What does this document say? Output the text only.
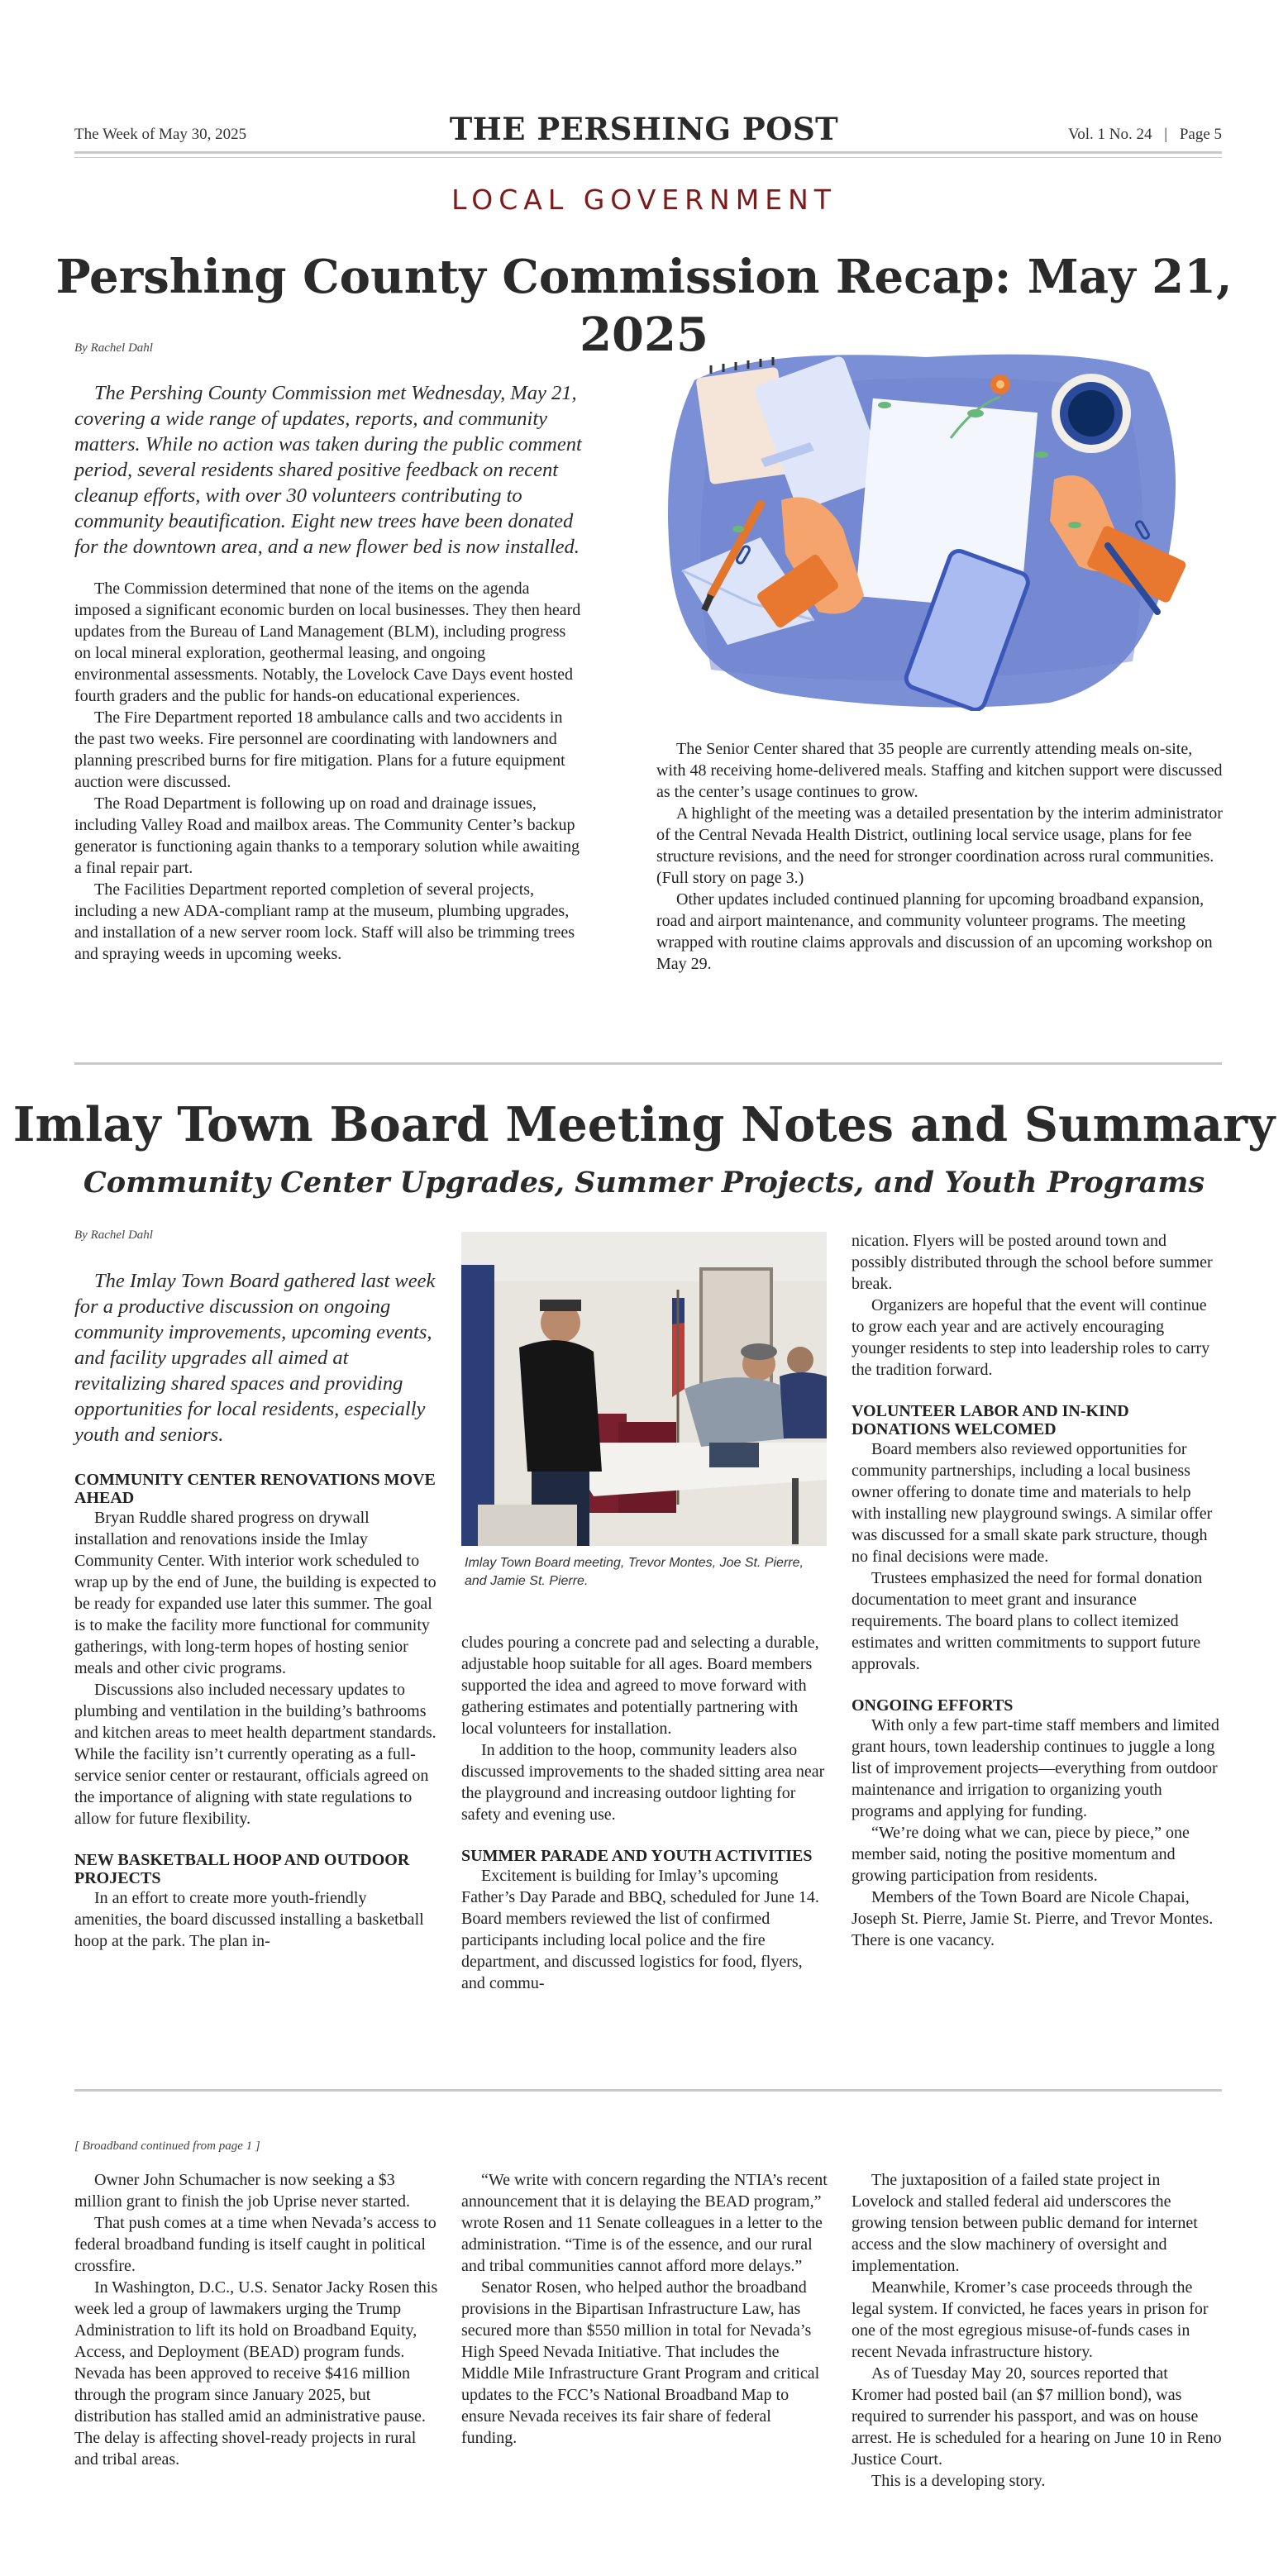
The Week of May 30, 2025	THE PERSHING POST	Vol. 1 No. 24 | Page 5
LOCAL GOVERNMENT
Pershing County Commission Recap: May 21, 2025
By Rachel Dahl

The Pershing County Commission met Wednesday, May 21, covering a wide range of updates, reports, and community matters. While no action was taken during the public comment period, several residents shared positive feedback on recent cleanup efforts, with over 30 volunteers contributing to community beautification. Eight new trees have been donated for the downtown area, and a new flower bed is now installed.

The Commission determined that none of the items on the agenda imposed a significant economic burden on local businesses. They then heard updates from the Bureau of Land Management (BLM), including progress on local mineral exploration, geothermal leasing, and ongoing environmental assessments. Notably, the Lovelock Cave Days event hosted fourth graders and the public for hands-on educational experiences.

The Fire Department reported 18 ambulance calls and two accidents in the past two weeks. Fire personnel are coordinating with landowners and planning prescribed burns for fire mitigation. Plans for a future equipment auction were discussed.

The Road Department is following up on road and drainage issues, including Valley Road and mailbox areas. The Community Center’s backup generator is functioning again thanks to a temporary solution while awaiting a final repair part.

The Facilities Department reported completion of several projects, including a new ADA-compliant ramp at the museum, plumbing upgrades, and installation of a new server room lock. Staff will also be trimming trees and spraying weeds in upcoming weeks.

The Senior Center shared that 35 people are currently attending meals on-site, with 48 receiving home-delivered meals. Staffing and kitchen support were discussed as the center’s usage continues to grow.

A highlight of the meeting was a detailed presentation by the interim administrator of the Central Nevada Health District, outlining local service usage, plans for fee structure revisions, and the need for stronger coordination across rural communities. (Full story on page 3.)

Other updates included continued planning for upcoming broadband expansion, road and airport maintenance, and community volunteer programs. The meeting wrapped with routine claims approvals and discussion of an upcoming workshop on May 29.

Imlay Town Board Meeting Notes and Summary
Community Center Upgrades, Summer Projects, and Youth Programs
By Rachel Dahl

The Imlay Town Board gathered last week for a productive discussion on ongoing community improvements, upcoming events, and facility upgrades all aimed at revitalizing shared spaces and providing opportunities for local residents, especially youth and seniors.

COMMUNITY CENTER RENOVATIONS MOVE AHEAD

Bryan Ruddle shared progress on drywall installation and renovations inside the Imlay Community Center. With interior work scheduled to wrap up by the end of June, the building is expected to be ready for expanded use later this summer. The goal is to make the facility more functional for community gatherings, with long-term hopes of hosting senior meals and other civic programs.

Discussions also included necessary updates to plumbing and ventilation in the building’s bathrooms and kitchen areas to meet health department standards. While the facility isn’t currently operating as a full-service senior center or restaurant, officials agreed on the importance of aligning with state regulations to allow for future flexibility.

NEW BASKETBALL HOOP AND OUTDOOR PROJECTS

In an effort to create more youth-friendly amenities, the board discussed installing a basketball hoop at the park. The plan in-

Imlay Town Board meeting, Trevor Montes, Joe St. Pierre, and Jamie St. Pierre.

cludes pouring a concrete pad and selecting a durable, adjustable hoop suitable for all ages. Board members supported the idea and agreed to move forward with gathering estimates and potentially partnering with local volunteers for installation.

In addition to the hoop, community leaders also discussed improvements to the shaded sitting area near the playground and increasing outdoor lighting for safety and evening use.

SUMMER PARADE AND YOUTH ACTIVITIES

Excitement is building for Imlay’s upcoming Father’s Day Parade and BBQ, scheduled for June 14. Board members reviewed the list of confirmed participants including local police and the fire department, and discussed logistics for food, flyers, and commu-

nication. Flyers will be posted around town and possibly distributed through the school before summer break.

Organizers are hopeful that the event will continue to grow each year and are actively encouraging younger residents to step into leadership roles to carry the tradition forward.

VOLUNTEER LABOR AND IN-KIND DONATIONS WELCOMED

Board members also reviewed opportunities for community partnerships, including a local business owner offering to donate time and materials to help with installing new playground swings. A similar offer was discussed for a small skate park structure, though no final decisions were made.

Trustees emphasized the need for formal donation documentation to meet grant and insurance requirements. The board plans to collect itemized estimates and written commitments to support future approvals.

ONGOING EFFORTS

With only a few part-time staff members and limited grant hours, town leadership continues to juggle a long list of improvement projects—everything from outdoor maintenance and irrigation to organizing youth programs and applying for funding.

“We’re doing what we can, piece by piece,” one member said, noting the positive momentum and growing participation from residents.

Members of the Town Board are Nicole Chapai, Joseph St. Pierre, Jamie St. Pierre, and Trevor Montes. There is one vacancy.

[ Broadband continued from page 1 ]

Owner John Schumacher is now seeking a $3 million grant to finish the job Uprise never started.

That push comes at a time when Nevada’s access to federal broadband funding is itself caught in political crossfire.

In Washington, D.C., U.S. Senator Jacky Rosen this week led a group of lawmakers urging the Trump Administration to lift its hold on Broadband Equity, Access, and Deployment (BEAD) program funds. Nevada has been approved to receive $416 million through the program since January 2025, but distribution has stalled amid an administrative pause. The delay is affecting shovel-ready projects in rural and tribal areas.

“We write with concern regarding the NTIA’s recent announcement that it is delaying the BEAD program,” wrote Rosen and 11 Senate colleagues in a letter to the administration. “Time is of the essence, and our rural and tribal communities cannot afford more delays.”

Senator Rosen, who helped author the broadband provisions in the Bipartisan Infrastructure Law, has secured more than $550 million in total for Nevada’s High Speed Nevada Initiative. That includes the Middle Mile Infrastructure Grant Program and critical updates to the FCC’s National Broadband Map to ensure Nevada receives its fair share of federal funding.

The juxtaposition of a failed state project in Lovelock and stalled federal aid underscores the growing tension between public demand for internet access and the slow machinery of oversight and implementation.

Meanwhile, Kromer’s case proceeds through the legal system. If convicted, he faces years in prison for one of the most egregious misuse-of-funds cases in recent Nevada infrastructure history.

As of Tuesday May 20, sources reported that Kromer had posted bail (an $7 million bond), was required to surrender his passport, and was on house arrest. He is scheduled for a hearing on June 10 in Reno Justice Court.

This is a developing story.
